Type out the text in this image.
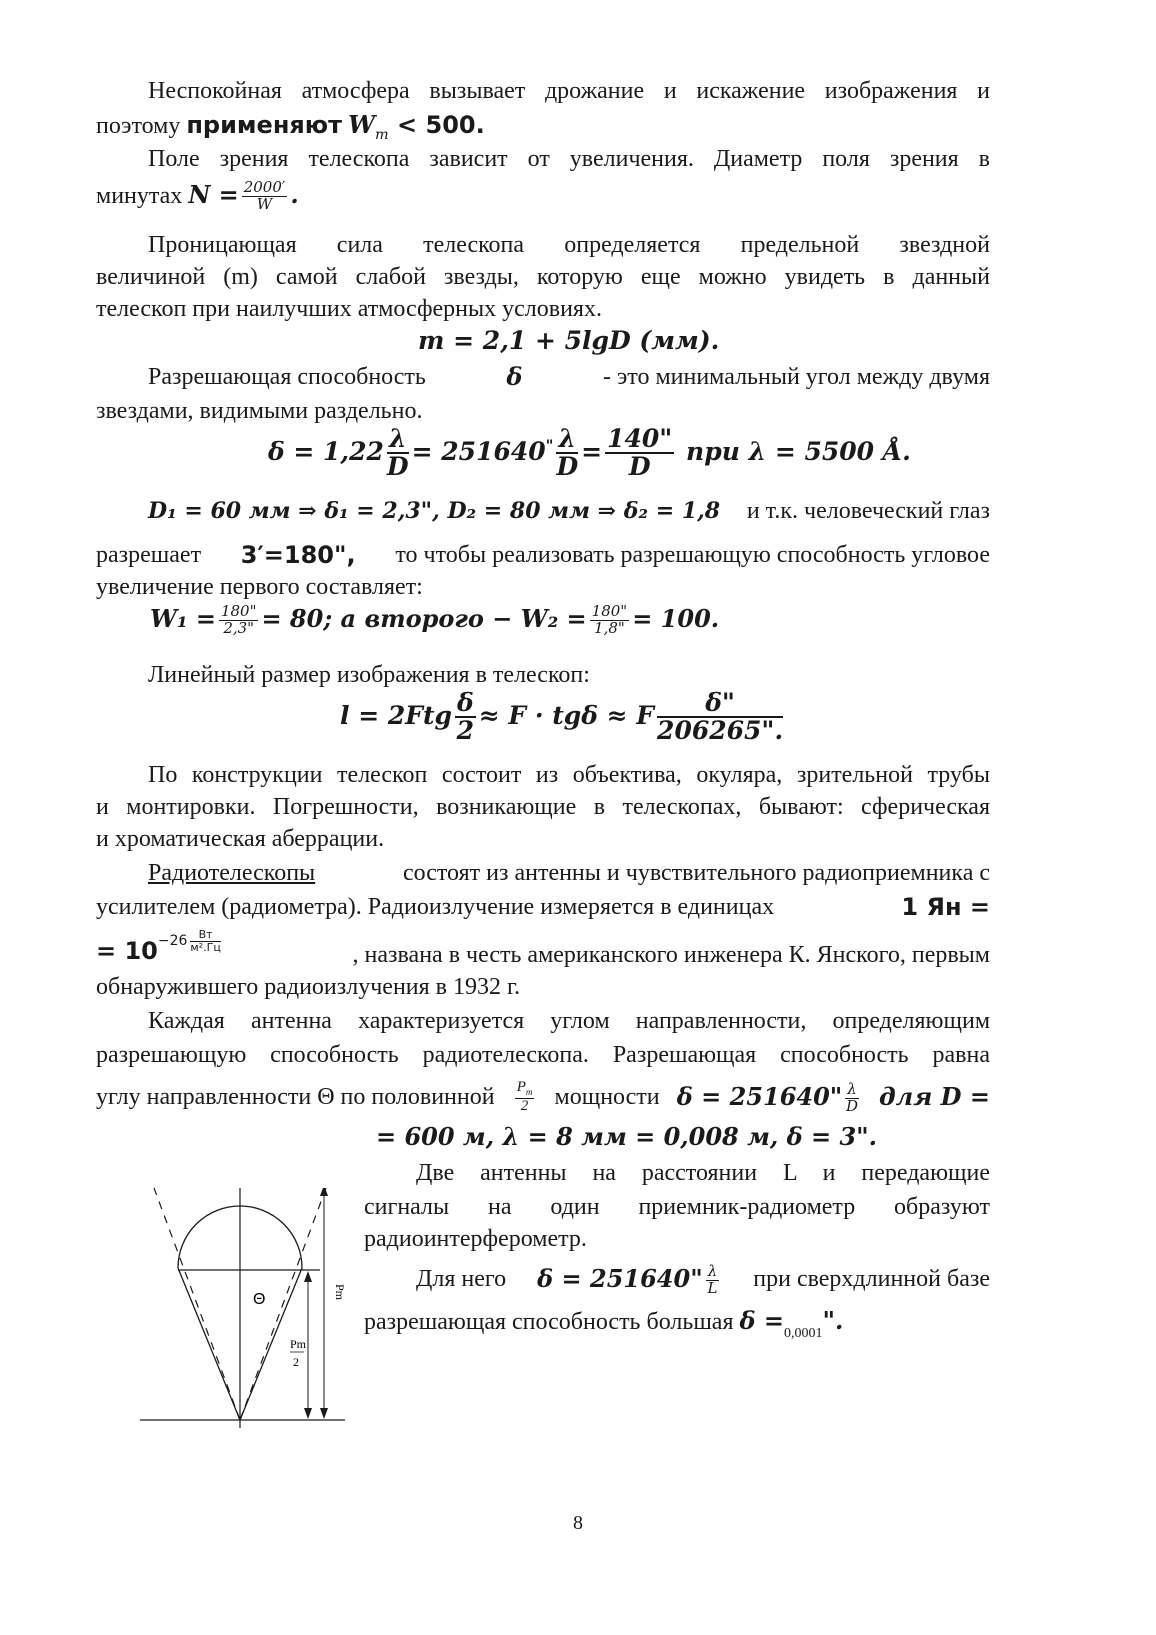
Неспокойная атмосфера вызывает дрожание и искажение изображения и
поэтому применяют $W_m < 500$.
Поле зрения телескопа зависит от увеличения. Диаметр поля зрения в
минутах $N = \frac{2000'}{W}$ .
Проницающая сила телескопа определяется предельной звездной
величиной (m) самой слабой звезды, которую еще можно увидеть в данный
телескоп при наилучших атмосферных условиях.
m = 2,1 + 5lgD (мм).
Разрешающая способность	δ	- это минимальный угол между двумя
звездами, видимыми раздельно.
$\delta = 1,22 \frac{\lambda}{D} = 251640^" \frac{\lambda}{D} = \frac{140"}{D}$ при λ = 5500 Å.
D₁ = 60 мм ⇒ δ₁ = 2,3", D₂ = 80 мм ⇒ δ₂ = 1,8 и т.к. человеческий глаз
разрешает 3′=180", то чтобы реализовать разрешающую способность угловое
увеличение первого составляет:
$W_1 = \frac{180"}{2,3"} = 80$; а второго − $W_2 = \frac{180"}{1,8"} = 100$.
Линейный размер изображения в телескоп:
$l = 2Ftg \frac{\delta}{2} \approx F \cdot tg\delta \approx F \frac{\delta"}{206265".}$
По конструкции телескоп состоит из объектива, окуляра, зрительной трубы
и монтировки. Погрешности, возникающие в телескопах, бывают: сферическая
и хроматическая аберрации.
Радиотелескопы	состоят из антенны и чувствительного радиоприемника с
усилителем (радиометра). Радиоизлучение измеряется в единицах	1 Ян =
= $10^{-26 \frac{Вт}{\text{м².Гц}}}$
, названа в честь американского инженера К. Янского, первым
обнаружившего радиоизлучения в 1932 г.
Каждая антенна характеризуется углом направленности, определяющим
разрешающую способность радиотелескопа. Разрешающая способность равна
углу направленности Θ по половинной $\frac{P_m}{2}$ мощности δ = 251640" $\frac{\lambda}{D}$ для D =
= 600 м, λ = 8 мм = 0,008 м, δ = 3".
Две антенны на расстоянии L и передающие
сигналы на один приемник-радиометр образуют
радиоинтерферометр.
Для него δ = 251640" $\frac{\lambda}{L}$ при сверхдлинной базе
разрешающая способность большая $\delta =_{0,0001}$".
Θ	Pm
Pm
2
8
